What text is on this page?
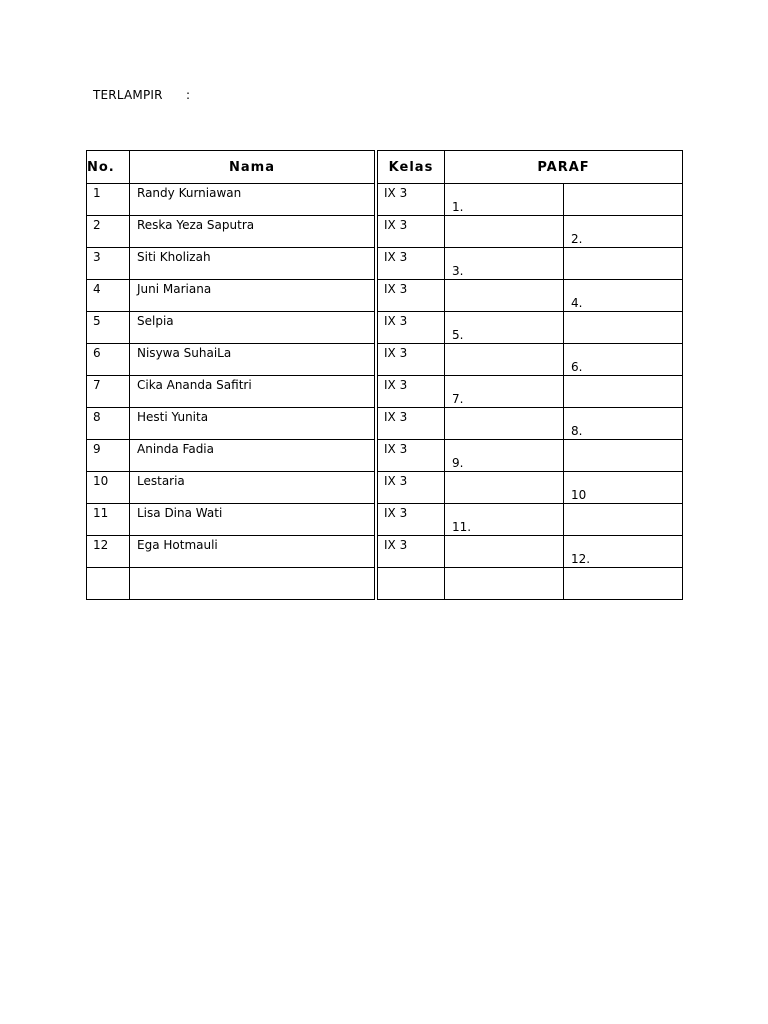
TERLAMPIR :
No.	Nama		Kelas	PARAF	

1	Randy Kurniawan		IX 3	1.	

2	Reska Yeza Saputra		IX 3		2.

3	Siti Kholizah		IX 3	3.	

4	Juni Mariana		IX 3		4.

5	Selpia		IX 3	5.	

6	Nisywa SuhaiLa		IX 3		6.

7	Cika Ananda Safitri		IX 3	7.	

8	Hesti Yunita		IX 3		8.

9	Aninda Fadia		IX 3	9.	

10	Lestaria		IX 3		10

11	Lisa Dina Wati		IX 3	11.	

12	Ega Hotmauli		IX 3		12.
